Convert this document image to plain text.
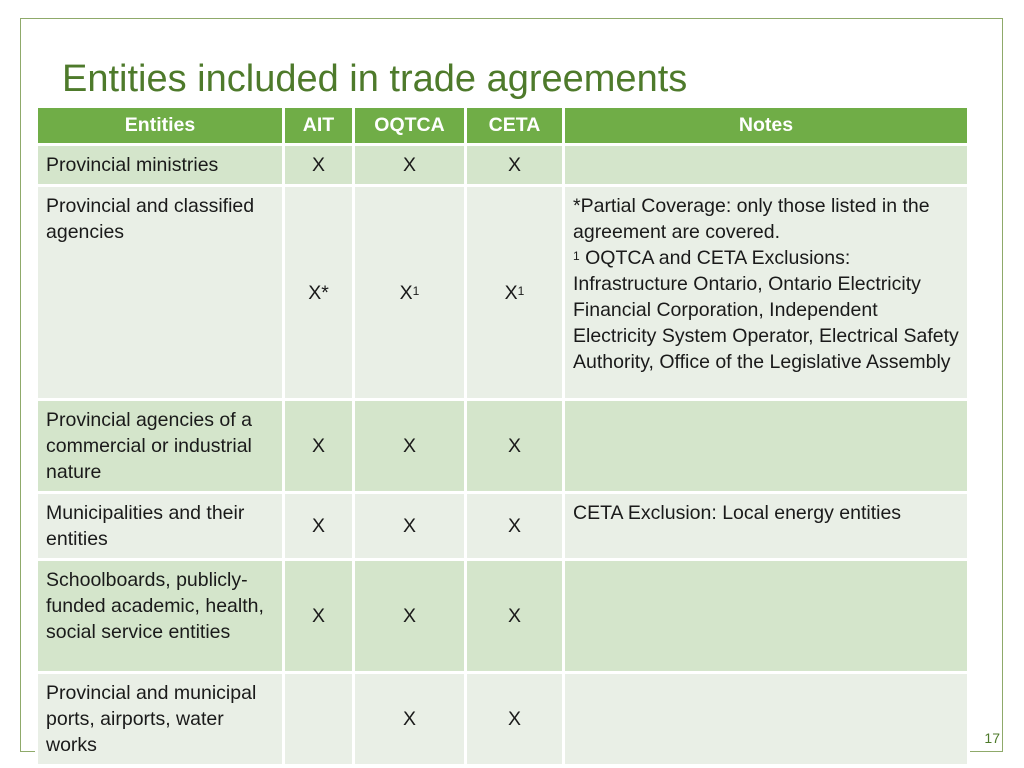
Entities included in trade agreements
Entities	AIT	OQTCA	CETA	Notes
Provincial ministries	X	X	X	
Provincial and classified agencies	X*	$X^1$	$X^1$	*Partial Coverage: only those listed in the agreement are covered.
$^1$ OQTCA and CETA Exclusions: Infrastructure Ontario, Ontario Electricity Financial Corporation, Independent Electricity System Operator, Electrical Safety Authority, Office of the Legislative Assembly

Provincial agencies of a commercial or industrial nature	X	X	X	
Municipalities and their entities	X	X	X	CETA Exclusion: Local energy entities
Schoolboards, publicly-funded academic, health, social service entities	X	X	X	
Provincial and municipal ports, airports, water works		X	X	
17
